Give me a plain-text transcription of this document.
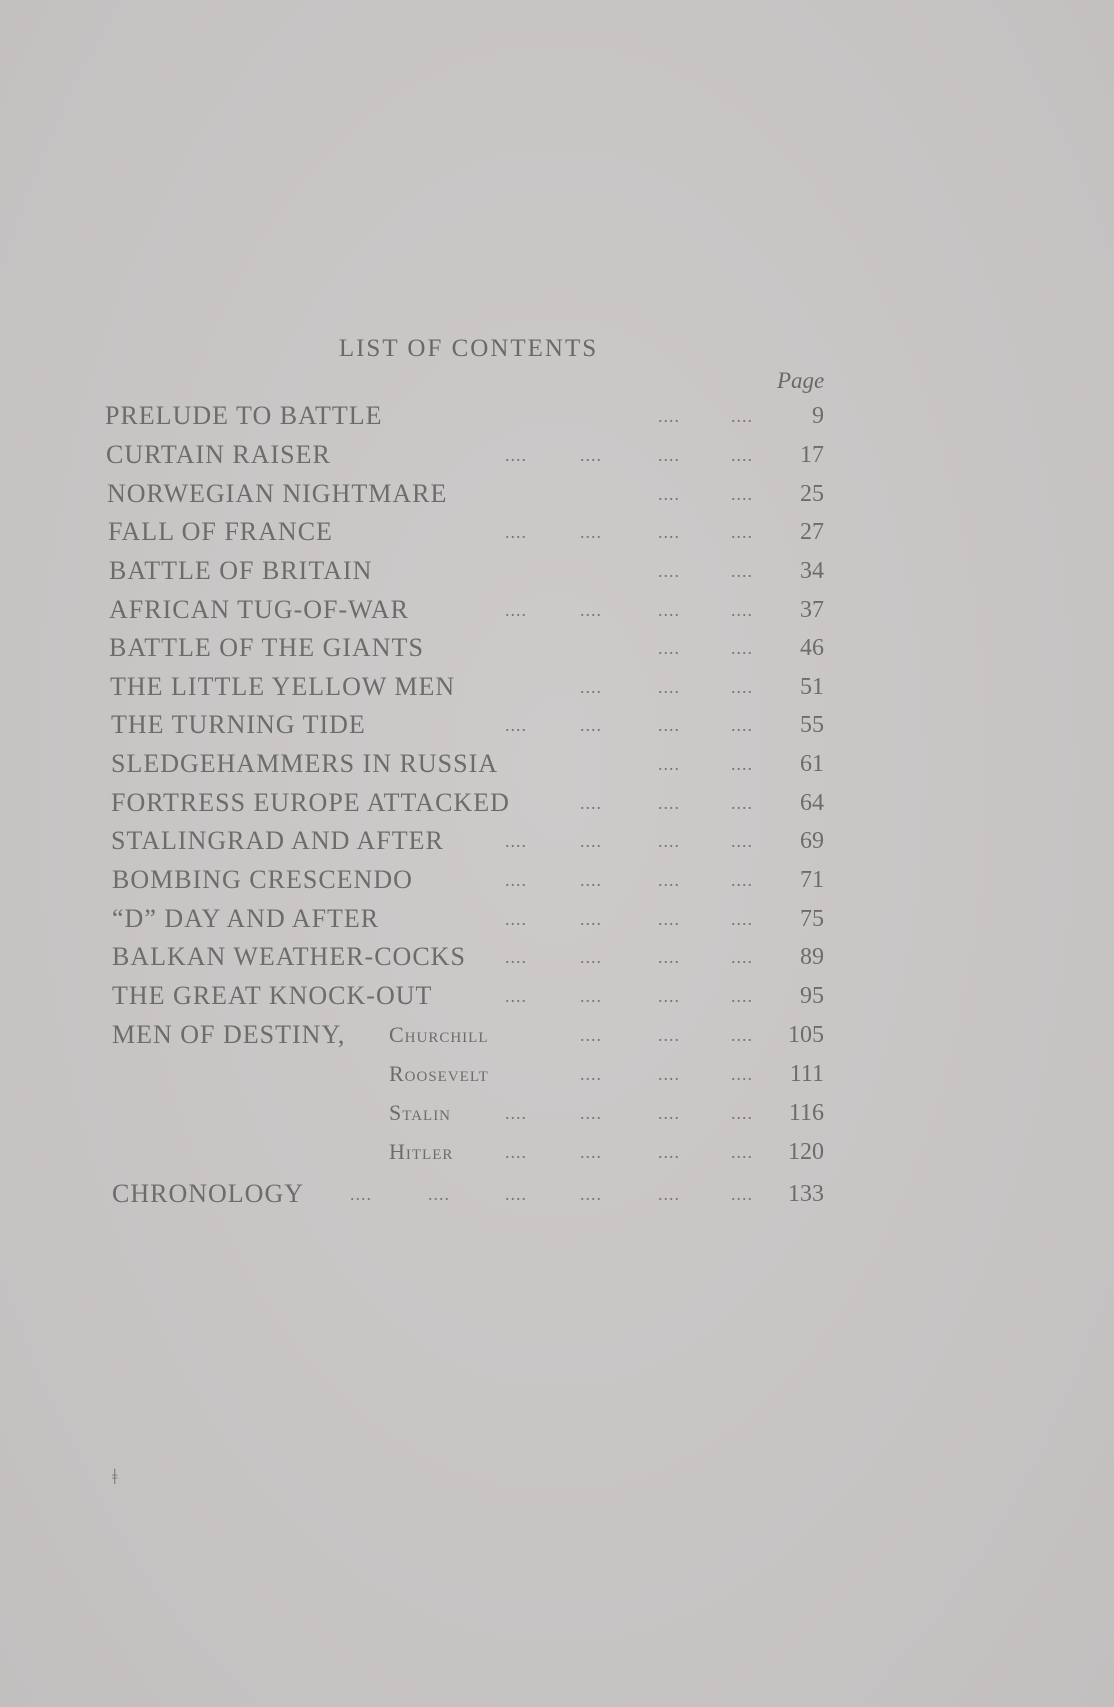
LIST OF CONTENTS
Page
PRELUDE TO BATTLE	....	....	9
CURTAIN RAISER	....	....	....	....	17
NORWEGIAN NIGHTMARE	....	....	25
FALL OF FRANCE	....	....	....	....	27
BATTLE OF BRITAIN	....	....	34
AFRICAN TUG-OF-WAR	....	....	....	....	37
BATTLE OF THE GIANTS	....	....	46
THE LITTLE YELLOW MEN	....	....	....	51
THE TURNING TIDE	....	....	....	....	55
SLEDGEHAMMERS IN RUSSIA	....	....	61
FORTRESS EUROPE ATTACKED	....	....	....	64
STALINGRAD AND AFTER	....	....	....	....	69
BOMBING CRESCENDO	....	....	....	....	71
“D” DAY AND AFTER	....	....	....	....	75
BALKAN WEATHER-COCKS ....	....	....	....	89
THE GREAT KNOCK-OUT	....	....	....	....	95
MEN OF DESTINY, Churchill	....	....	....	105
Roosevelt	....	....	....	111
Stalin	....	....	....	....	116
Hitler	....	....	....	....	120
CHRONOLOGY	....	....	....	....	....	....	133
ǂ
